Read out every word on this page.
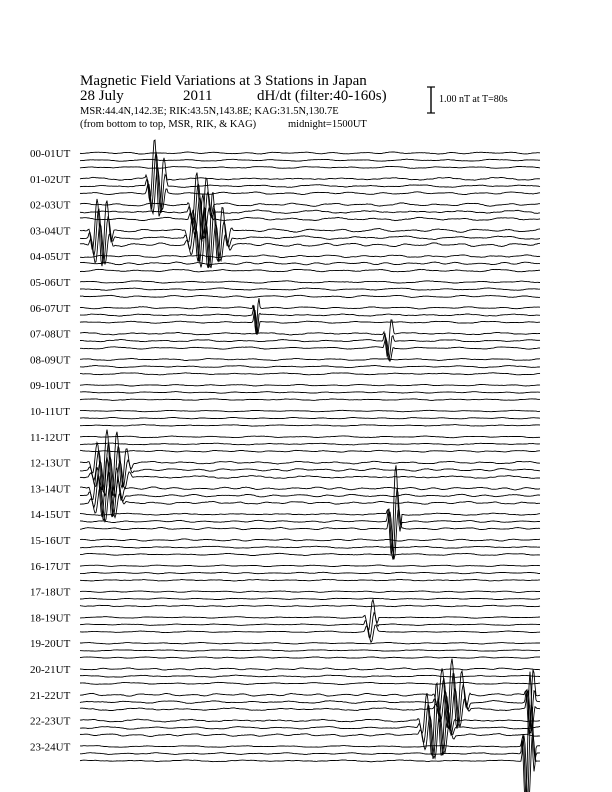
Magnetic Field Variations at 3 Stations in Japan
28 July	2011	dH/dt (filter:40-160s)
MSR:44.4N,142.3E; RIK:43.5N,143.8E; KAG:31.5N,130.7E
(from bottom to top, MSR, RIK, & KAG)	midnight=1500UT
1.00 nT at T=80s
00-01UT
01-02UT
02-03UT
03-04UT
04-05UT
05-06UT
06-07UT
07-08UT
08-09UT
09-10UT
10-11UT
11-12UT
12-13UT
13-14UT
14-15UT
15-16UT
16-17UT
17-18UT
18-19UT
19-20UT
20-21UT
21-22UT
22-23UT
23-24UT
